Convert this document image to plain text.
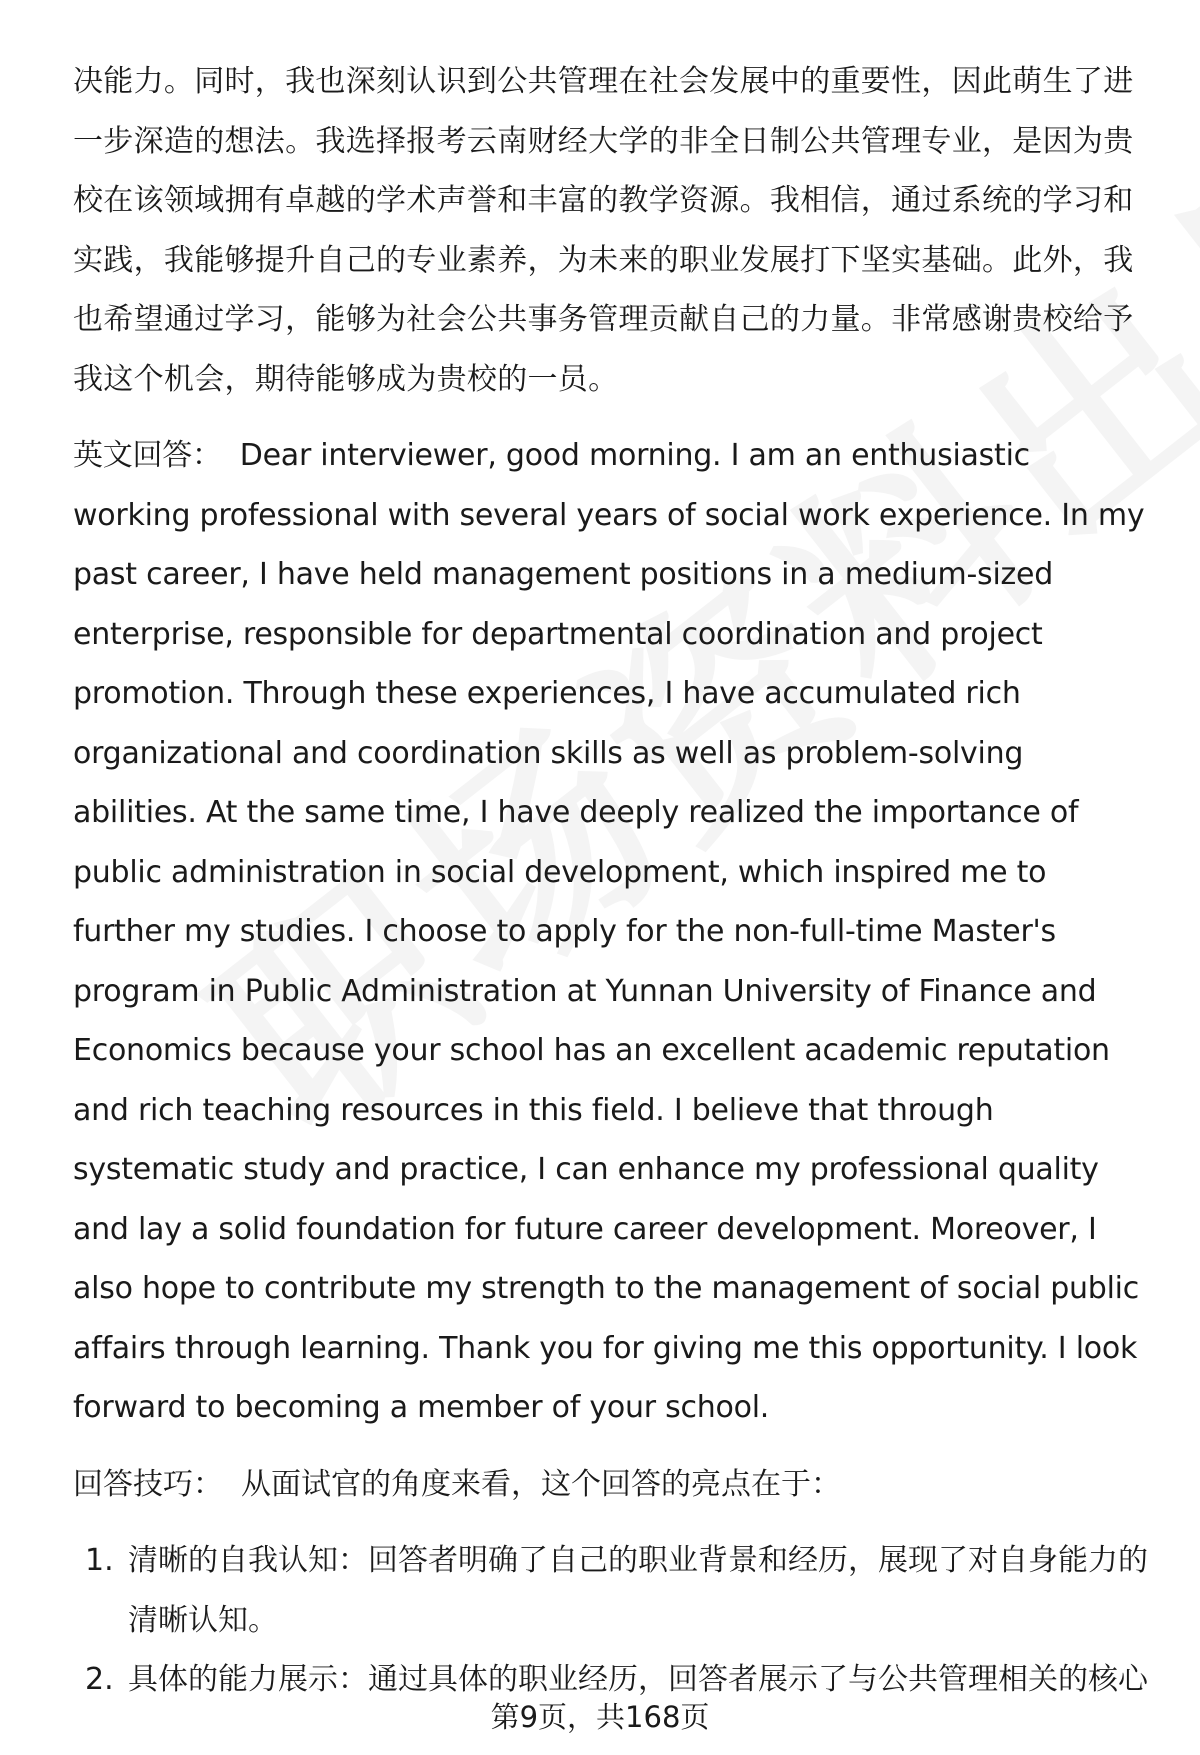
决能力。同时，我也深刻认识到公共管理在社会发展中的重要性，因此萌生了进一步深造的想法。我选择报考云南财经大学的非全日制公共管理专业，是因为贵校在该领域拥有卓越的学术声誉和丰富的教学资源。我相信，通过系统的学习和实践，我能够提升自己的专业素养，为未来的职业发展打下坚实基础。此外，我也希望通过学习，能够为社会公共事务管理贡献自己的力量。非常感谢贵校给予我这个机会，期待能够成为贵校的一员。

英文回答： Dear interviewer, good morning. I am an enthusiastic working professional with several years of social work experience. In my past career, I have held management positions in a medium-sized enterprise, responsible for departmental coordination and project promotion. Through these experiences, I have accumulated rich organizational and coordination skills as well as problem-solving abilities. At the same time, I have deeply realized the importance of public administration in social development, which inspired me to further my studies. I choose to apply for the non-full-time Master's program in Public Administration at Yunnan University of Finance and Economics because your school has an excellent academic reputation and rich teaching resources in this field. I believe that through systematic study and practice, I can enhance my professional quality and lay a solid foundation for future career development. Moreover, I also hope to contribute my strength to the management of social public affairs through learning. Thank you for giving me this opportunity. I look forward to becoming a member of your school.

回答技巧： 从面试官的角度来看，这个回答的亮点在于：

1. 清晰的自我认知：回答者明确了自己的职业背景和经历，展现了对自身能力的清晰认知。
2. 具体的能力展示：通过具体的职业经历，回答者展示了与公共管理相关的核心
第9页，共168页
